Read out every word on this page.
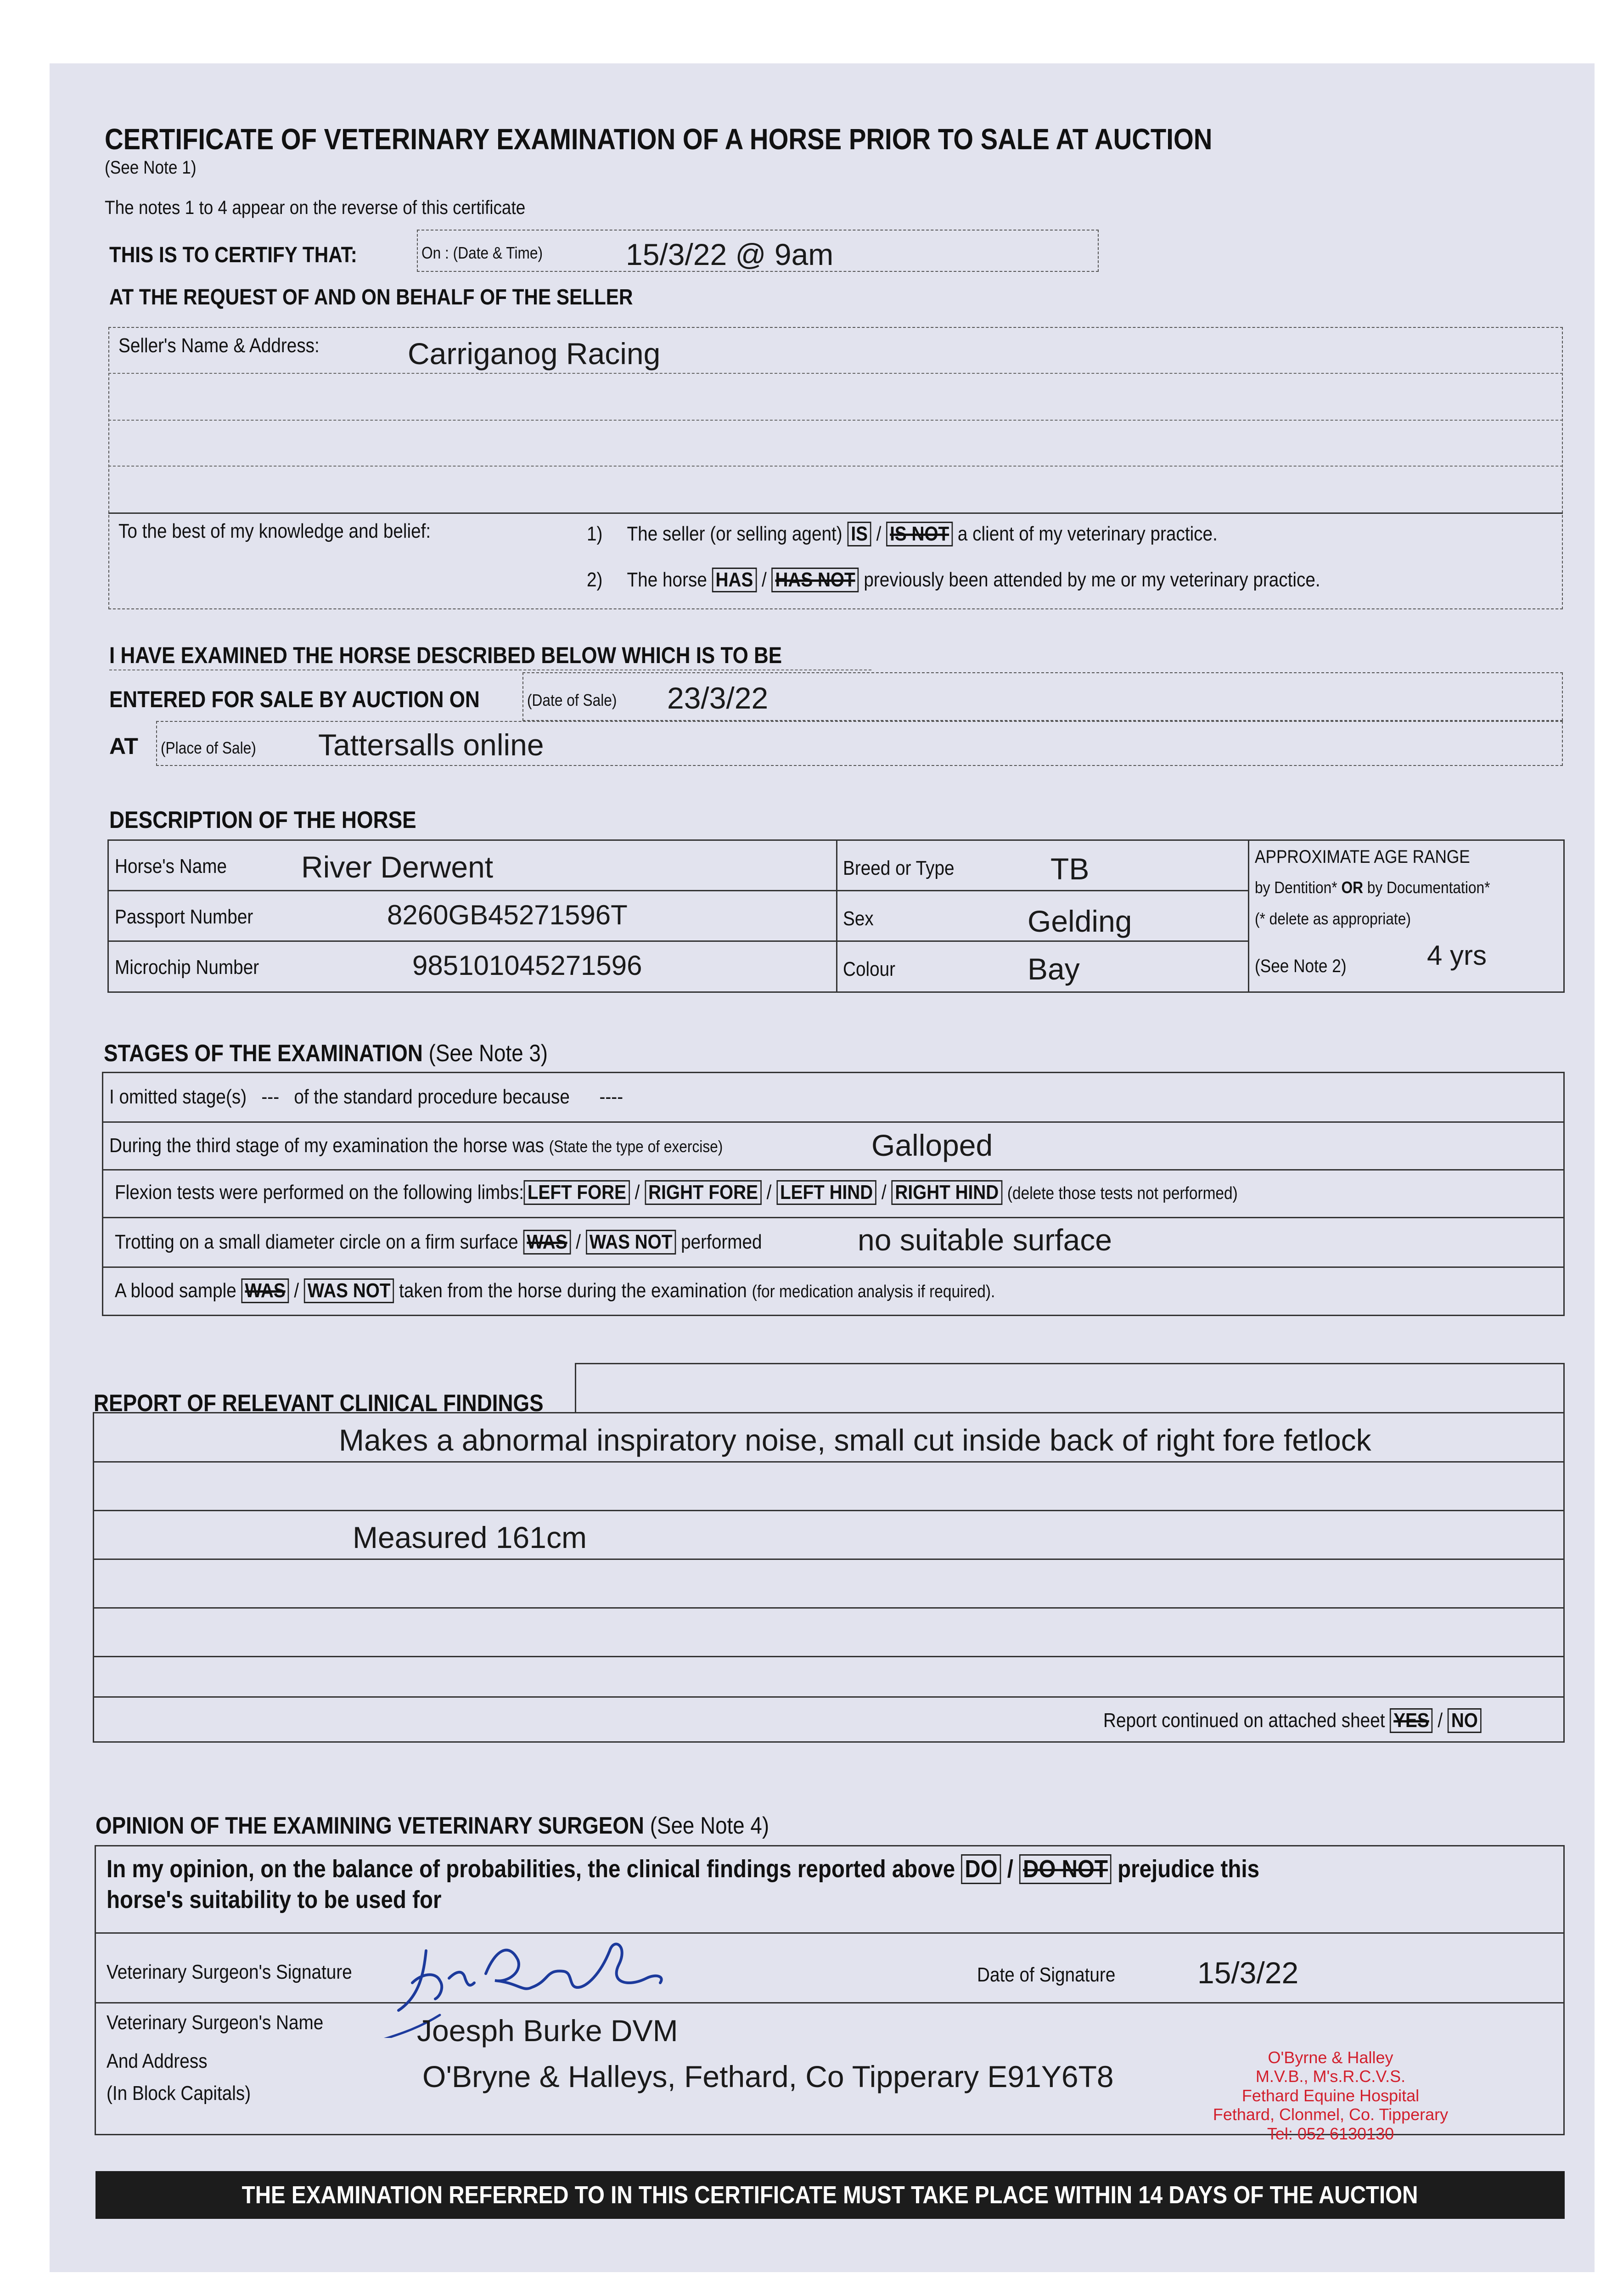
CERTIFICATE OF VETERINARY EXAMINATION OF A HORSE PRIOR TO SALE AT AUCTION
(See Note 1)
The notes 1 to 4 appear on the reverse of this certificate
THIS IS TO CERTIFY THAT:	On : (Date & Time)	15/3/22 @ 9am
AT THE REQUEST OF AND ON BEHALF OF THE SELLER
Seller's Name & Address:	Carriganog Racing
To the best of my knowledge and belief:	1) The seller (or selling agent) IS / IS NOT a client of my veterinary practice.
2) The horse HAS / HAS NOT previously been attended by me or my veterinary practice.
I HAVE EXAMINED THE HORSE DESCRIBED BELOW WHICH IS TO BE
ENTERED FOR SALE BY AUCTION ON	(Date of Sale)	23/3/22
AT (Place of Sale)	Tattersalls online
DESCRIPTION OF THE HORSE
Horse's Name	River Derwent
Passport Number	8260GB45271596T
Microchip Number	985101045271596
Breed or Type	TB
Sex	Gelding
Colour	Bay
APPROXIMATE AGE RANGE
by Dentition* OR by Documentation*
(* delete as appropriate)
(See Note 2)	4 yrs
STAGES OF THE EXAMINATION (See Note 3)
I omitted stage(s) --- of the standard procedure because ----
During the third stage of my examination the horse was (State the type of exercise)	Galloped
Flexion tests were performed on the following limbs: LEFT FORE / RIGHT FORE / LEFT HIND / RIGHT HIND (delete those tests not performed)
Trotting on a small diameter circle on a firm surface WAS / WAS NOT performed	no suitable surface
A blood sample WAS / WAS NOT taken from the horse during the examination (for medication analysis if required).
REPORT OF RELEVANT CLINICAL FINDINGS
Makes a abnormal inspiratory noise, small cut inside back of right fore fetlock
Measured 161cm
Report continued on attached sheet YES / NO
OPINION OF THE EXAMINING VETERINARY SURGEON (See Note 4)
In my opinion, on the balance of probabilities, the clinical findings reported above DO / DO NOT prejudice this
horse's suitability to be used for
Veterinary Surgeon's Signature	Date of Signature	15/3/22
Veterinary Surgeon's Name
And Address
(In Block Capitals)
Joesph Burke DVM
O'Bryne & Halleys, Fethard, Co Tipperary E91Y6T8
O'Byrne & Halley
M.V.B., M's.R.C.V.S.
Fethard Equine Hospital
Fethard, Clonmel, Co. Tipperary
Tel: 052 6130130
THE EXAMINATION REFERRED TO IN THIS CERTIFICATE MUST TAKE PLACE WITHIN 14 DAYS OF THE AUCTION
